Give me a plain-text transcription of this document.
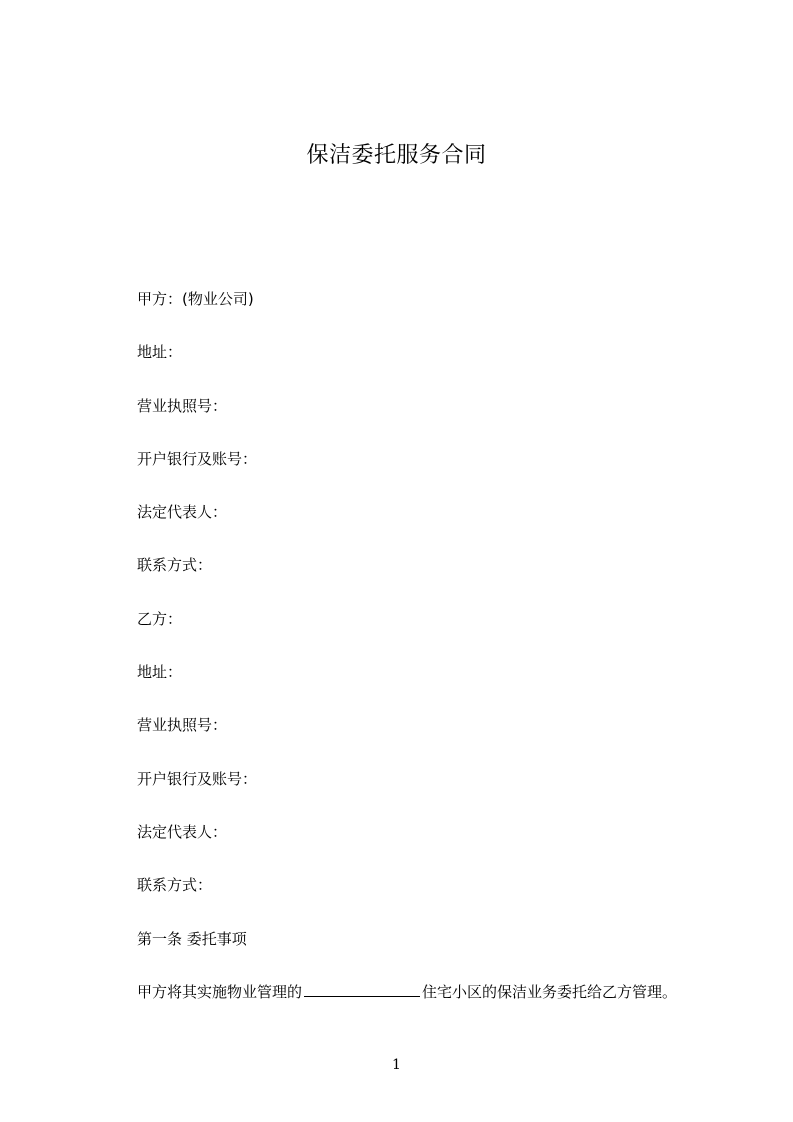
保洁委托服务合同

甲方：(物业公司)

地址：

营业执照号：

开户银行及账号：

法定代表人：

联系方式：

乙方：

地址：

营业执照号：

开户银行及账号：

法定代表人：

联系方式：

第一条 委托事项

甲方将其实施物业管理的	住宅小区的保洁业务委托给乙方管理。

1
